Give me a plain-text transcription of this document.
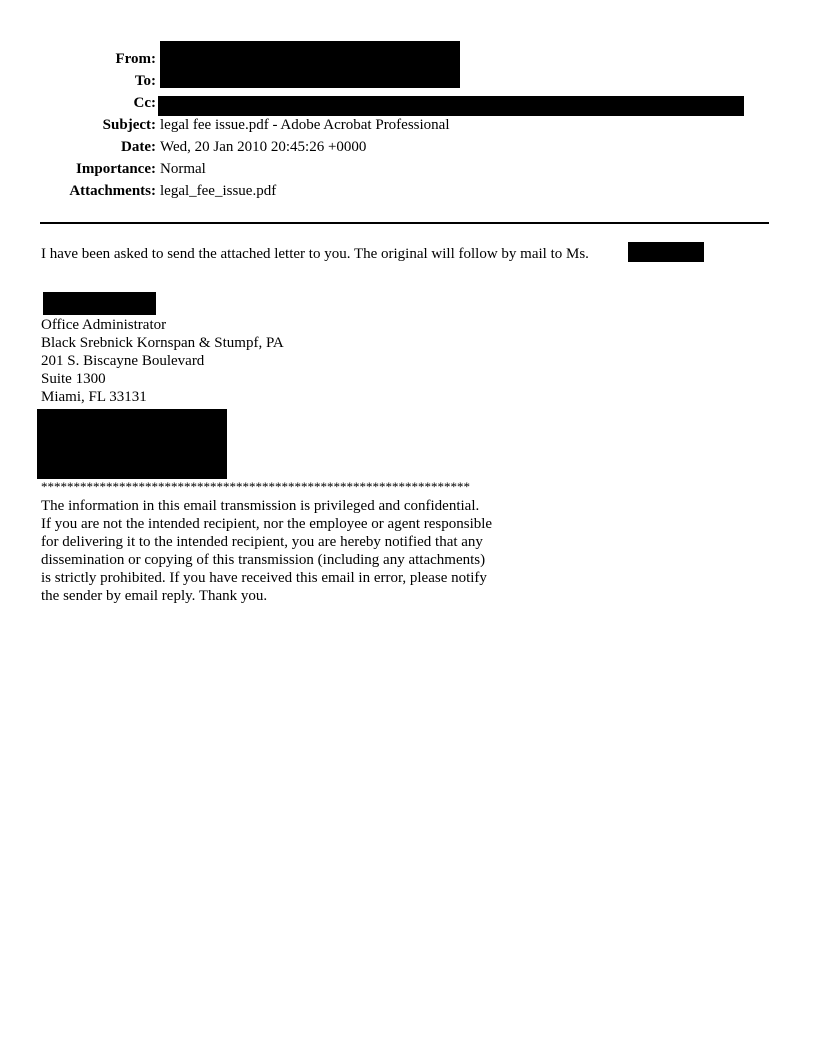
From:	
To:	
Cc:	
Subject:	legal fee issue.pdf - Adobe Acrobat Professional
Date:	Wed, 20 Jan 2010 20:45:26 +0000
Importance:	Normal
Attachments:	legal_fee_issue.pdf
I have been asked to send the attached letter to you. The original will follow by mail to Ms.
Office Administrator
Black Srebnick Kornspan & Stumpf, PA
201 S. Biscayne Boulevard
Suite 1300
Miami, FL 33131
******************************************************************
The information in this email transmission is privileged and confidential.
If you are not the intended recipient, nor the employee or agent responsible
for delivering it to the intended recipient, you are hereby notified that any
dissemination or copying of this transmission (including any attachments)
is strictly prohibited. If you have received this email in error, please notify
the sender by email reply. Thank you.
